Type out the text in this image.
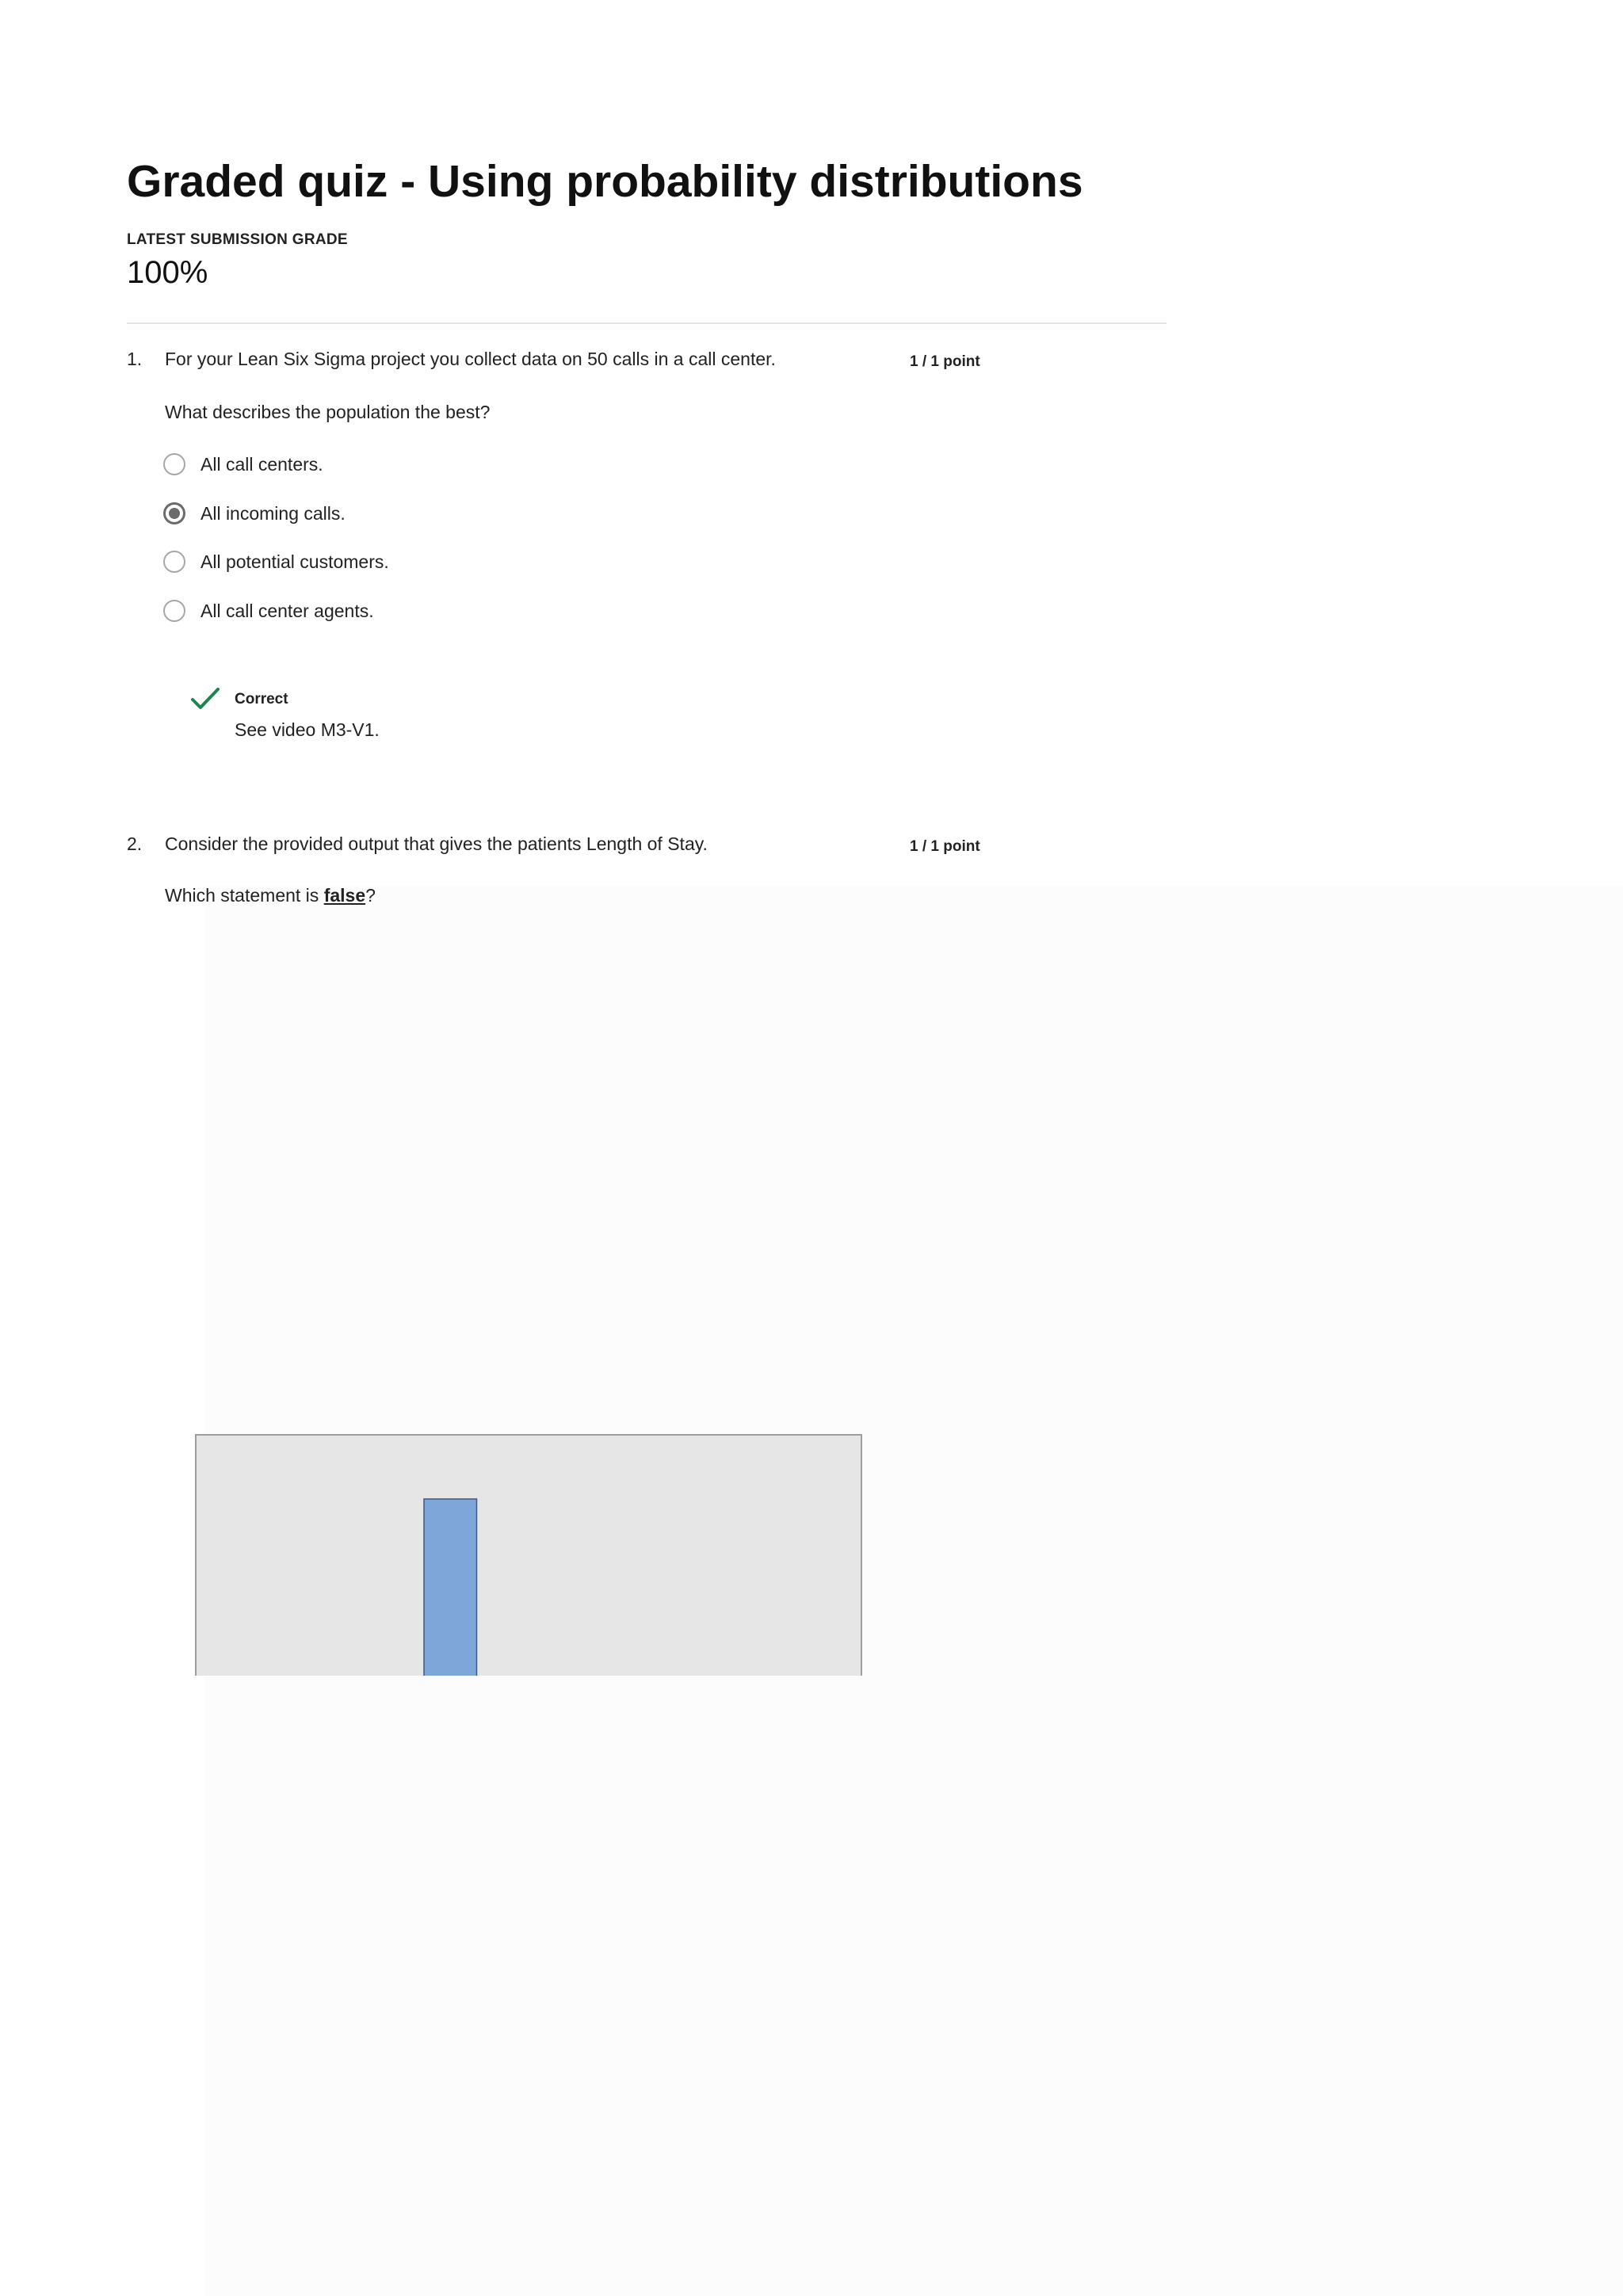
Graded quiz - Using probability distributions
LATEST SUBMISSION GRADE
100%
1. For your Lean Six Sigma project you collect data on 50 calls in a call center.	1 / 1 point
What describes the population the best?
All call centers.
All incoming calls.
All potential customers.
All call center agents.
Correct
See video M3-V1.
2. Consider the provided output that gives the patients Length of Stay.	1 / 1 point
Which statement is false?
